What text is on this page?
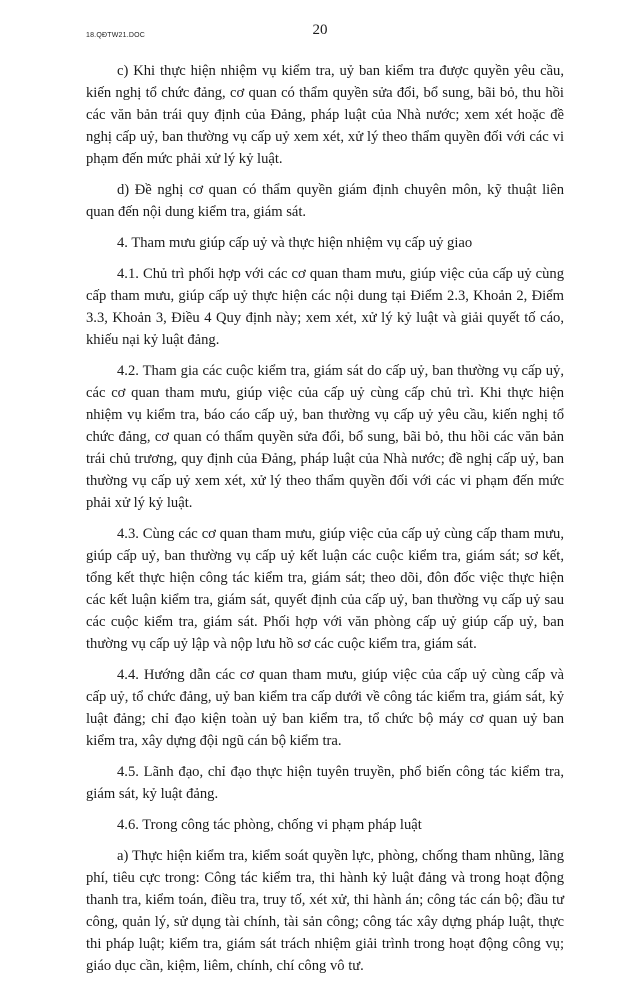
18.QĐTW21.DOC	20

c) Khi thực hiện nhiệm vụ kiểm tra, uỷ ban kiểm tra được quyền yêu cầu, kiến nghị tổ chức đảng, cơ quan có thẩm quyền sửa đổi, bổ sung, bãi bỏ, thu hồi các văn bản trái quy định của Đảng, pháp luật của Nhà nước; xem xét hoặc đề nghị cấp uỷ, ban thường vụ cấp uỷ xem xét, xử lý theo thẩm quyền đối với các vi phạm đến mức phải xử lý kỷ luật.

d) Đề nghị cơ quan có thẩm quyền giám định chuyên môn, kỹ thuật liên quan đến nội dung kiểm tra, giám sát.

4. Tham mưu giúp cấp uỷ và thực hiện nhiệm vụ cấp uỷ giao

4.1. Chủ trì phối hợp với các cơ quan tham mưu, giúp việc của cấp uỷ cùng cấp tham mưu, giúp cấp uỷ thực hiện các nội dung tại Điểm 2.3, Khoản 2, Điểm 3.3, Khoản 3, Điều 4 Quy định này; xem xét, xử lý kỷ luật và giải quyết tố cáo, khiếu nại kỷ luật đảng.

4.2. Tham gia các cuộc kiểm tra, giám sát do cấp uỷ, ban thường vụ cấp uỷ, các cơ quan tham mưu, giúp việc của cấp uỷ cùng cấp chủ trì. Khi thực hiện nhiệm vụ kiểm tra, báo cáo cấp uỷ, ban thường vụ cấp uỷ yêu cầu, kiến nghị tổ chức đảng, cơ quan có thẩm quyền sửa đổi, bổ sung, bãi bỏ, thu hồi các văn bản trái chủ trương, quy định của Đảng, pháp luật của Nhà nước; đề nghị cấp uỷ, ban thường vụ cấp uỷ xem xét, xử lý theo thẩm quyền đối với các vi phạm đến mức phải xử lý kỷ luật.

4.3. Cùng các cơ quan tham mưu, giúp việc của cấp uỷ cùng cấp tham mưu, giúp cấp uỷ, ban thường vụ cấp uỷ kết luận các cuộc kiểm tra, giám sát; sơ kết, tổng kết thực hiện công tác kiểm tra, giám sát; theo dõi, đôn đốc việc thực hiện các kết luận kiểm tra, giám sát, quyết định của cấp uỷ, ban thường vụ cấp uỷ sau các cuộc kiểm tra, giám sát. Phối hợp với văn phòng cấp uỷ giúp cấp uỷ, ban thường vụ cấp uỷ lập và nộp lưu hồ sơ các cuộc kiểm tra, giám sát.

4.4. Hướng dẫn các cơ quan tham mưu, giúp việc của cấp uỷ cùng cấp và cấp uỷ, tổ chức đảng, uỷ ban kiểm tra cấp dưới về công tác kiểm tra, giám sát, kỷ luật đảng; chỉ đạo kiện toàn uỷ ban kiểm tra, tổ chức bộ máy cơ quan uỷ ban kiểm tra, xây dựng đội ngũ cán bộ kiểm tra.

4.5. Lãnh đạo, chỉ đạo thực hiện tuyên truyền, phổ biến công tác kiểm tra, giám sát, kỷ luật đảng.

4.6. Trong công tác phòng, chống vi phạm pháp luật

a) Thực hiện kiểm tra, kiểm soát quyền lực, phòng, chống tham nhũng, lãng phí, tiêu cực trong: Công tác kiểm tra, thi hành kỷ luật đảng và trong hoạt động thanh tra, kiểm toán, điều tra, truy tố, xét xử, thi hành án; công tác cán bộ; đầu tư công, quản lý, sử dụng tài chính, tài sản công; công tác xây dựng pháp luật, thực thi pháp luật; kiểm tra, giám sát trách nhiệm giải trình trong hoạt động công vụ; giáo dục cần, kiệm, liêm, chính, chí công vô tư.
